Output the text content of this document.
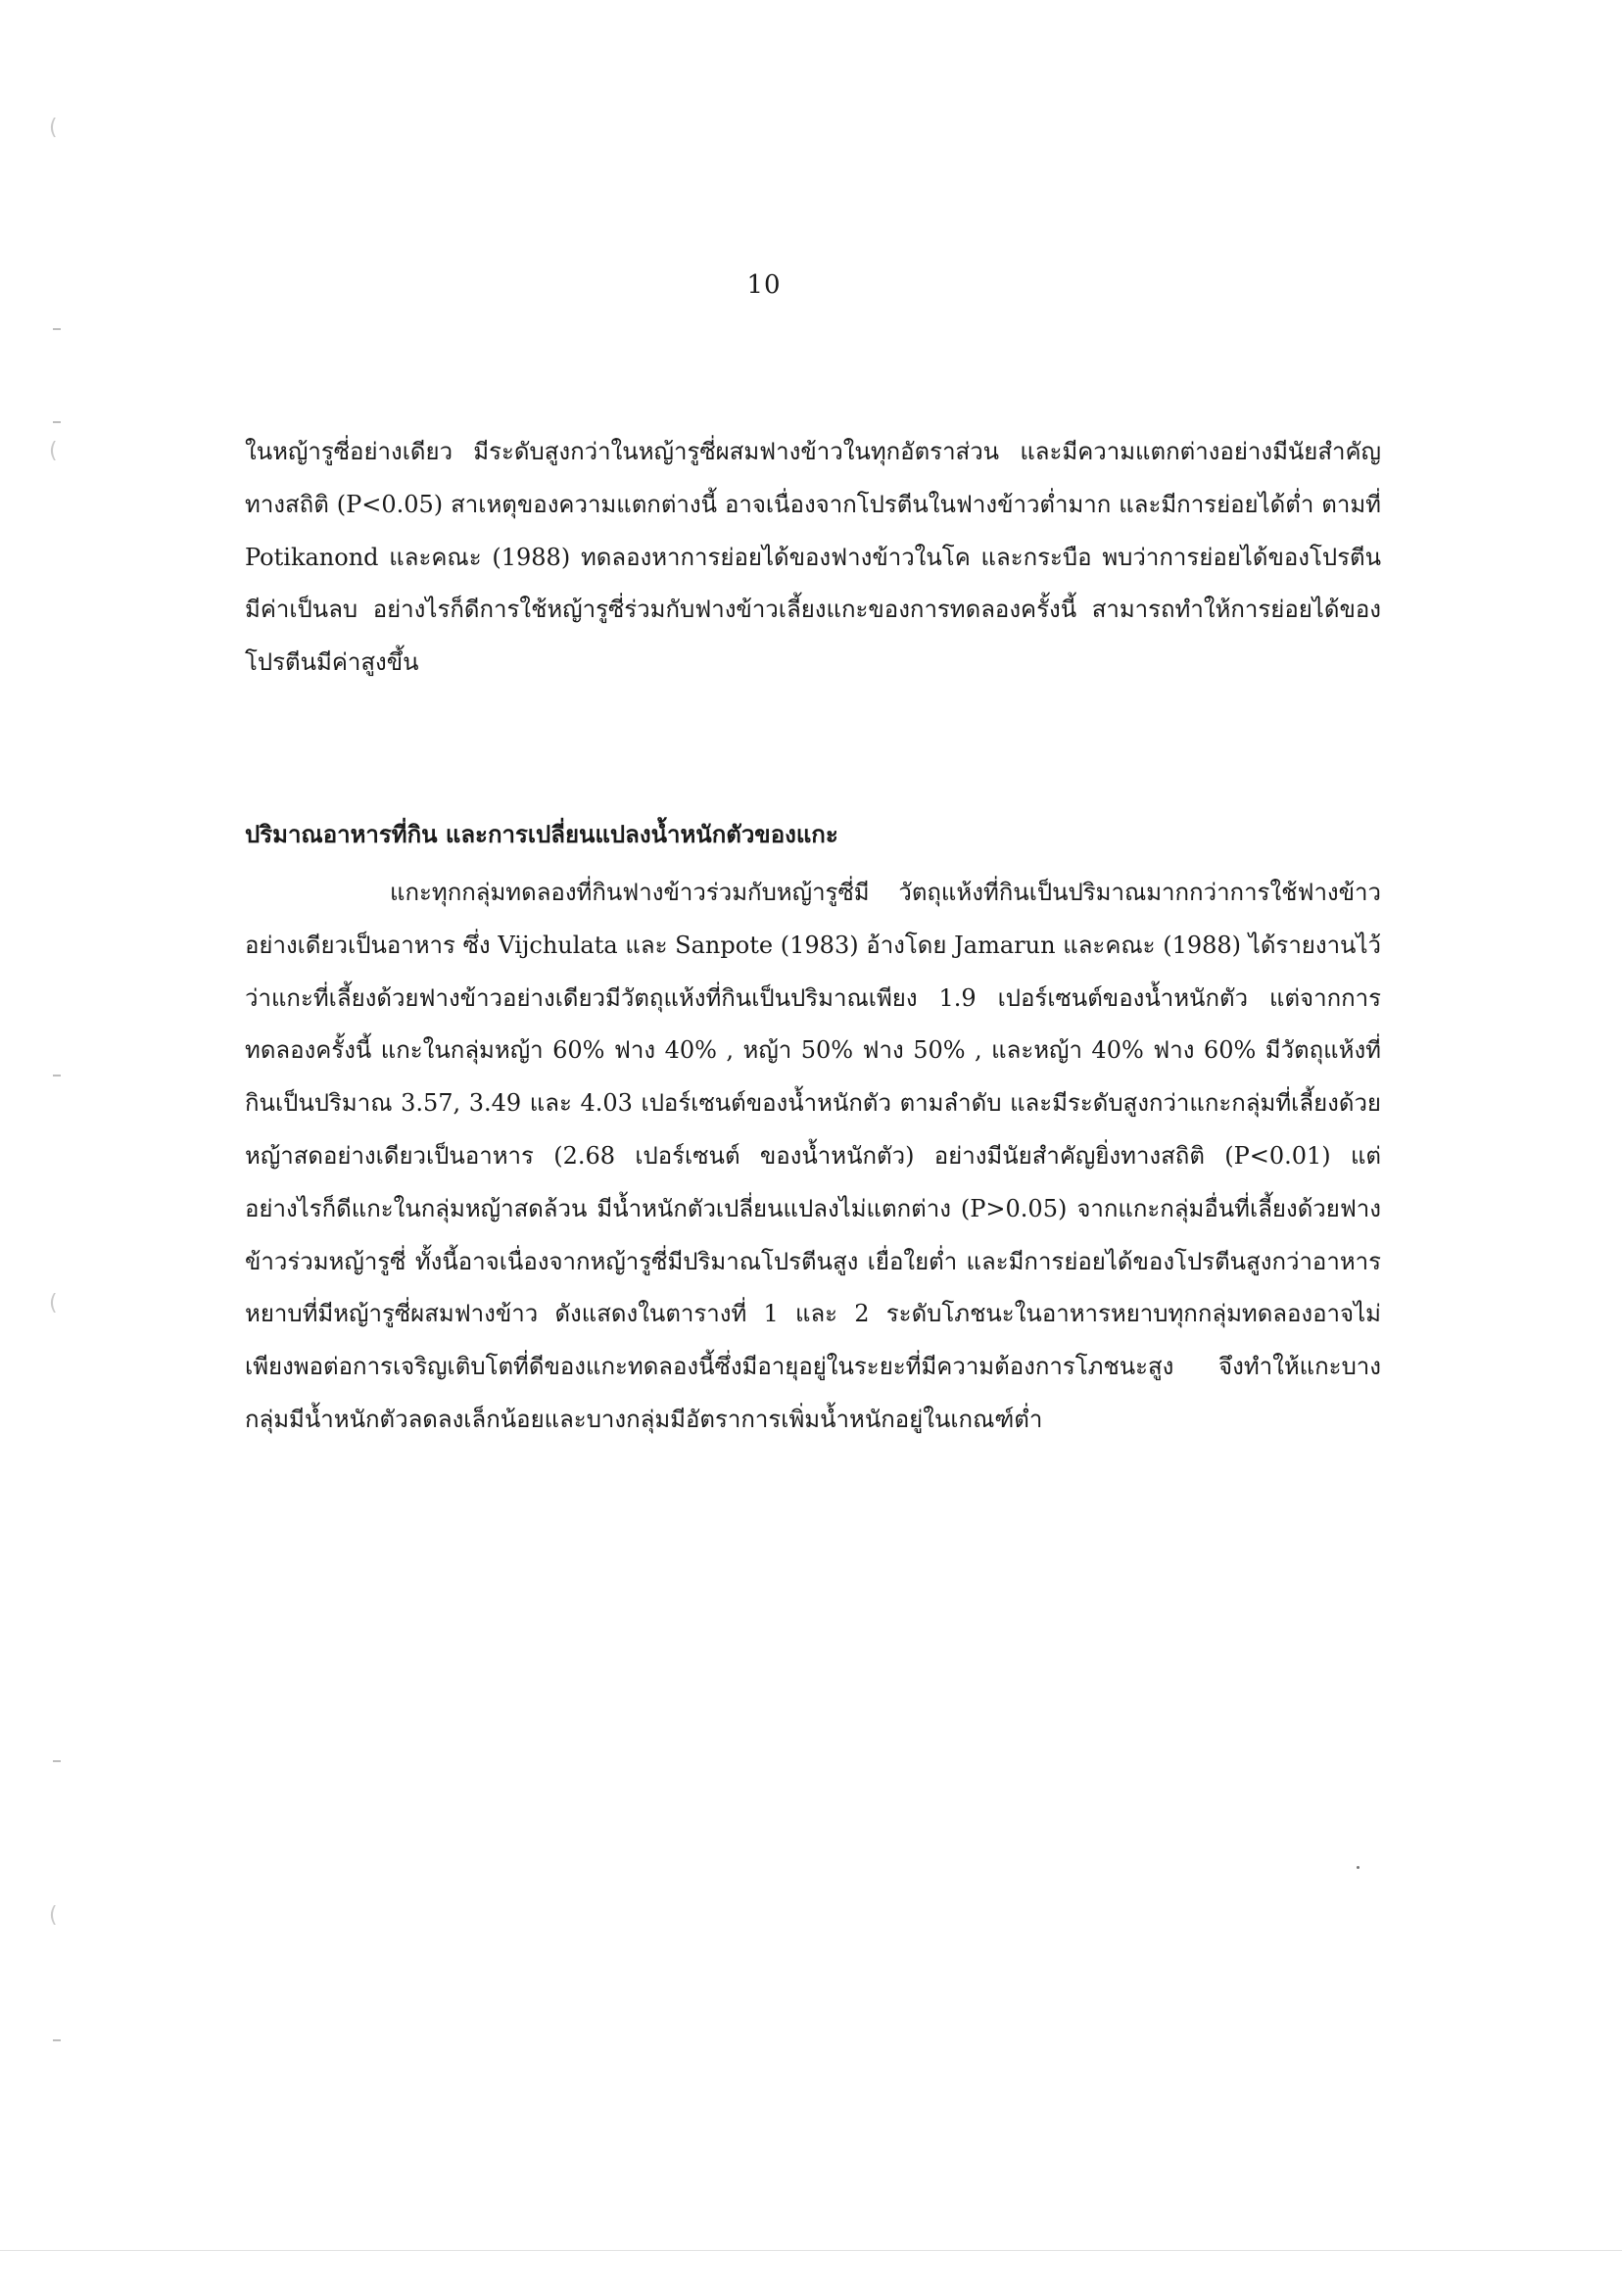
10

ในหญ้ารูซี่อย่างเดียว มีระดับสูงกว่าในหญ้ารูซี่ผสมฟางข้าวในทุกอัตราส่วน และมีความแตกต่างอย่างมีนัยสำคัญทางสถิติ (P<0.05) สาเหตุของความแตกต่างนี้ อาจเนื่องจากโปรตีนในฟางข้าวต่ำมาก และมีการย่อยได้ต่ำ ตามที่ Potikanond และคณะ (1988) ทดลองหาการย่อยได้ของฟางข้าวในโค และกระบือ พบว่าการย่อยได้ของโปรตีนมีค่าเป็นลบ อย่างไรก็ดีการใช้หญ้ารูซี่ร่วมกับฟางข้าวเลี้ยงแกะของการทดลองครั้งนี้ สามารถทำให้การย่อยได้ของโปรตีนมีค่าสูงขึ้น

ปริมาณอาหารที่กิน และการเปลี่ยนแปลงน้ำหนักตัวของแกะ

แกะทุกกลุ่มทดลองที่กินฟางข้าวร่วมกับหญ้ารูซี่มี วัตถุแห้งที่กินเป็นปริมาณมากกว่าการใช้ฟางข้าวอย่างเดียวเป็นอาหาร ซึ่ง Vijchulata และ Sanpote (1983) อ้างโดย Jamarun และคณะ (1988) ได้รายงานไว้ว่าแกะที่เลี้ยงด้วยฟางข้าวอย่างเดียวมีวัตถุแห้งที่กินเป็นปริมาณเพียง 1.9 เปอร์เซนต์ของน้ำหนักตัว แต่จากการทดลองครั้งนี้ แกะในกลุ่มหญ้า 60% ฟาง 40% , หญ้า 50% ฟาง 50% , และหญ้า 40% ฟาง 60% มีวัตถุแห้งที่กินเป็นปริมาณ 3.57, 3.49 และ 4.03 เปอร์เซนต์ของน้ำหนักตัว ตามลำดับ และมีระดับสูงกว่าแกะกลุ่มที่เลี้ยงด้วยหญ้าสดอย่างเดียวเป็นอาหาร (2.68 เปอร์เซนต์ ของน้ำหนักตัว) อย่างมีนัยสำคัญยิ่งทางสถิติ (P<0.01) แต่อย่างไรก็ดีแกะในกลุ่มหญ้าสดล้วน มีน้ำหนักตัวเปลี่ยนแปลงไม่แตกต่าง (P>0.05) จากแกะกลุ่มอื่นที่เลี้ยงด้วยฟางข้าวร่วมหญ้ารูซี่ ทั้งนี้อาจเนื่องจากหญ้ารูซี่มีปริมาณโปรตีนสูง เยื่อใยต่ำ และมีการย่อยได้ของโปรตีนสูงกว่าอาหารหยาบที่มีหญ้ารูซี่ผสมฟางข้าว ดังแสดงในตารางที่ 1 และ 2 ระดับโภชนะในอาหารหยาบทุกกลุ่มทดลองอาจไม่เพียงพอต่อการเจริญเติบโตที่ดีของแกะทดลองนี้ซึ่งมีอายุอยู่ในระยะที่มีความต้องการโภชนะสูง จึงทำให้แกะบางกลุ่มมีน้ำหนักตัวลดลงเล็กน้อยและบางกลุ่มมีอัตราการเพิ่มน้ำหนักอยู่ในเกณฑ์ต่ำ

(
(
(
(
